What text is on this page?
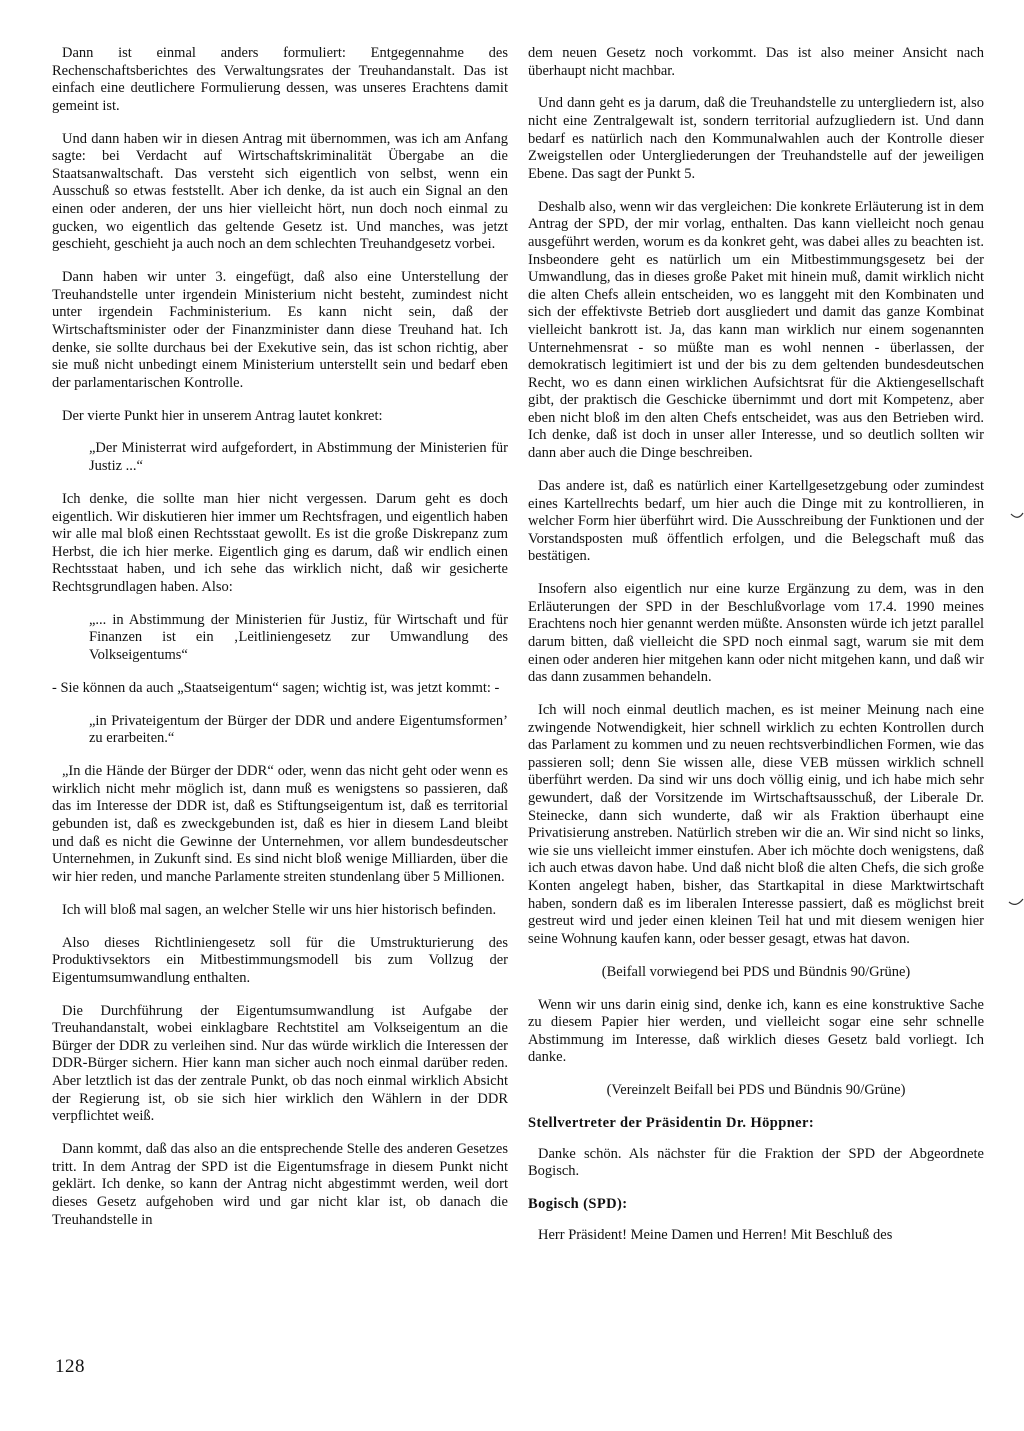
Dann ist einmal anders formuliert: Entgegennahme des Rechenschaftsberichtes des Verwaltungsrates der Treuhandanstalt. Das ist einfach eine deutlichere Formulierung dessen, was unseres Erachtens damit gemeint ist.

Und dann haben wir in diesen Antrag mit übernommen, was ich am Anfang sagte: bei Verdacht auf Wirtschaftskriminalität Übergabe an die Staatsanwaltschaft. Das versteht sich eigentlich von selbst, wenn ein Ausschuß so etwas feststellt. Aber ich denke, da ist auch ein Signal an den einen oder anderen, der uns hier vielleicht hört, nun doch noch einmal zu gucken, wo eigentlich das geltende Gesetz ist. Und manches, was jetzt geschieht, geschieht ja auch noch an dem schlechten Treuhandgesetz vorbei.

Dann haben wir unter 3. eingefügt, daß also eine Unterstellung der Treuhandstelle unter irgendein Ministerium nicht besteht, zumindest nicht unter irgendein Fachministerium. Es kann nicht sein, daß der Wirtschaftsminister oder der Finanzminister dann diese Treuhand hat. Ich denke, sie sollte durchaus bei der Exekutive sein, das ist schon richtig, aber sie muß nicht unbedingt einem Ministerium unterstellt sein und bedarf eben der parlamentarischen Kontrolle.

Der vierte Punkt hier in unserem Antrag lautet konkret:

„Der Ministerrat wird aufgefordert, in Abstimmung der Ministerien für Justiz ...“

Ich denke, die sollte man hier nicht vergessen. Darum geht es doch eigentlich. Wir diskutieren hier immer um Rechtsfragen, und eigentlich haben wir alle mal bloß einen Rechtsstaat gewollt. Es ist die große Diskrepanz zum Herbst, die ich hier merke. Eigentlich ging es darum, daß wir endlich einen Rechtsstaat haben, und ich sehe das wirklich nicht, daß wir gesicherte Rechtsgrundlagen haben. Also:

„... in Abstimmung der Ministerien für Justiz, für Wirtschaft und für Finanzen ist ein ‚Leitliniengesetz zur Umwandlung des Volkseigentums“

- Sie können da auch „Staatseigentum“ sagen; wichtig ist, was jetzt kommt: -

„in Privateigentum der Bürger der DDR und andere Eigentumsformen’ zu erarbeiten.“

„In die Hände der Bürger der DDR“ oder, wenn das nicht geht oder wenn es wirklich nicht mehr möglich ist, dann muß es wenigstens so passieren, daß das im Interesse der DDR ist, daß es Stiftungseigentum ist, daß es territorial gebunden ist, daß es zweckgebunden ist, daß es hier in diesem Land bleibt und daß es nicht die Gewinne der Unternehmen, vor allem bundesdeutscher Unternehmen, in Zukunft sind. Es sind nicht bloß wenige Milliarden, über die wir hier reden, und manche Parlamente streiten stundenlang über 5 Millionen.

Ich will bloß mal sagen, an welcher Stelle wir uns hier historisch befinden.

Also dieses Richtliniengesetz soll für die Umstrukturierung des Produktivsektors ein Mitbestimmungsmodell bis zum Vollzug der Eigentumsumwandlung enthalten.

Die Durchführung der Eigentumsumwandlung ist Aufgabe der Treuhandanstalt, wobei einklagbare Rechtstitel am Volkseigentum an die Bürger der DDR zu verleihen sind. Nur das würde wirklich die Interessen der DDR-Bürger sichern. Hier kann man sicher auch noch einmal darüber reden. Aber letztlich ist das der zentrale Punkt, ob das noch einmal wirklich Absicht der Regierung ist, ob sie sich hier wirklich den Wählern in der DDR verpflichtet weiß.

Dann kommt, daß das also an die entsprechende Stelle des anderen Gesetzes tritt. In dem Antrag der SPD ist die Eigentumsfrage in diesem Punkt nicht geklärt. Ich denke, so kann der Antrag nicht abgestimmt werden, weil dort dieses Gesetz aufgehoben wird und gar nicht klar ist, ob danach die Treuhandstelle in

dem neuen Gesetz noch vorkommt. Das ist also meiner Ansicht nach überhaupt nicht machbar.

Und dann geht es ja darum, daß die Treuhandstelle zu untergliedern ist, also nicht eine Zentralgewalt ist, sondern territorial aufzugliedern ist. Und dann bedarf es natürlich nach den Kommunalwahlen auch der Kontrolle dieser Zweigstellen oder Untergliederungen der Treuhandstelle auf der jeweiligen Ebene. Das sagt der Punkt 5.

Deshalb also, wenn wir das vergleichen: Die konkrete Erläuterung ist in dem Antrag der SPD, der mir vorlag, enthalten. Das kann vielleicht noch genau ausgeführt werden, worum es da konkret geht, was dabei alles zu beachten ist. Insbeondere geht es natürlich um ein Mitbestimmungsgesetz bei der Umwandlung, das in dieses große Paket mit hinein muß, damit wirklich nicht die alten Chefs allein entscheiden, wo es langgeht mit den Kombinaten und sich der effektivste Betrieb dort ausgliedert und damit das ganze Kombinat vielleicht bankrott ist. Ja, das kann man wirklich nur einem sogenannten Unternehmensrat - so müßte man es wohl nennen - überlassen, der demokratisch legitimiert ist und der bis zu dem geltenden bundesdeutschen Recht, wo es dann einen wirklichen Aufsichtsrat für die Aktiengesellschaft gibt, der praktisch die Geschicke übernimmt und dort mit Kompetenz, aber eben nicht bloß im den alten Chefs entscheidet, was aus den Betrieben wird. Ich denke, daß ist doch in unser aller Interesse, und so deutlich sollten wir dann aber auch die Dinge beschreiben.

Das andere ist, daß es natürlich einer Kartellgesetzgebung oder zumindest eines Kartellrechts bedarf, um hier auch die Dinge mit zu kontrollieren, in welcher Form hier überführt wird. Die Ausschreibung der Funktionen und der Vorstandsposten muß öffentlich erfolgen, und die Belegschaft muß das bestätigen.

Insofern also eigentlich nur eine kurze Ergänzung zu dem, was in den Erläuterungen der SPD in der Beschlußvorlage vom 17.4. 1990 meines Erachtens noch hier genannt werden müßte. Ansonsten würde ich jetzt parallel darum bitten, daß vielleicht die SPD noch einmal sagt, warum sie mit dem einen oder anderen hier mitgehen kann oder nicht mitgehen kann, und daß wir das dann zusammen behandeln.

Ich will noch einmal deutlich machen, es ist meiner Meinung nach eine zwingende Notwendigkeit, hier schnell wirklich zu echten Kontrollen durch das Parlament zu kommen und zu neuen rechtsverbindlichen Formen, wie das passieren soll; denn Sie wissen alle, diese VEB müssen wirklich schnell überführt werden. Da sind wir uns doch völlig einig, und ich habe mich sehr gewundert, daß der Vorsitzende im Wirtschaftsausschuß, der Liberale Dr. Steinecke, dann sich wunderte, daß wir als Fraktion überhaupt eine Privatisierung anstreben. Natürlich streben wir die an. Wir sind nicht so links, wie sie uns vielleicht immer einstufen. Aber ich möchte doch wenigstens, daß ich auch etwas davon habe. Und daß nicht bloß die alten Chefs, die sich große Konten angelegt haben, bisher, das Startkapital in diese Marktwirtschaft haben, sondern daß es im liberalen Interesse passiert, daß es möglichst breit gestreut wird und jeder einen kleinen Teil hat und mit diesem wenigen hier seine Wohnung kaufen kann, oder besser gesagt, etwas hat davon.

(Beifall vorwiegend bei PDS und Bündnis 90/Grüne)

Wenn wir uns darin einig sind, denke ich, kann es eine konstruktive Sache zu diesem Papier hier werden, und vielleicht sogar eine sehr schnelle Abstimmung im Interesse, daß wirklich dieses Gesetz bald vorliegt. Ich danke.

(Vereinzelt Beifall bei PDS und Bündnis 90/Grüne)

Stellvertreter der Präsidentin Dr. Höppner:

Danke schön. Als nächster für die Fraktion der SPD der Abgeordnete Bogisch.

Bogisch (SPD):

Herr Präsident! Meine Damen und Herren! Mit Beschluß des

128
